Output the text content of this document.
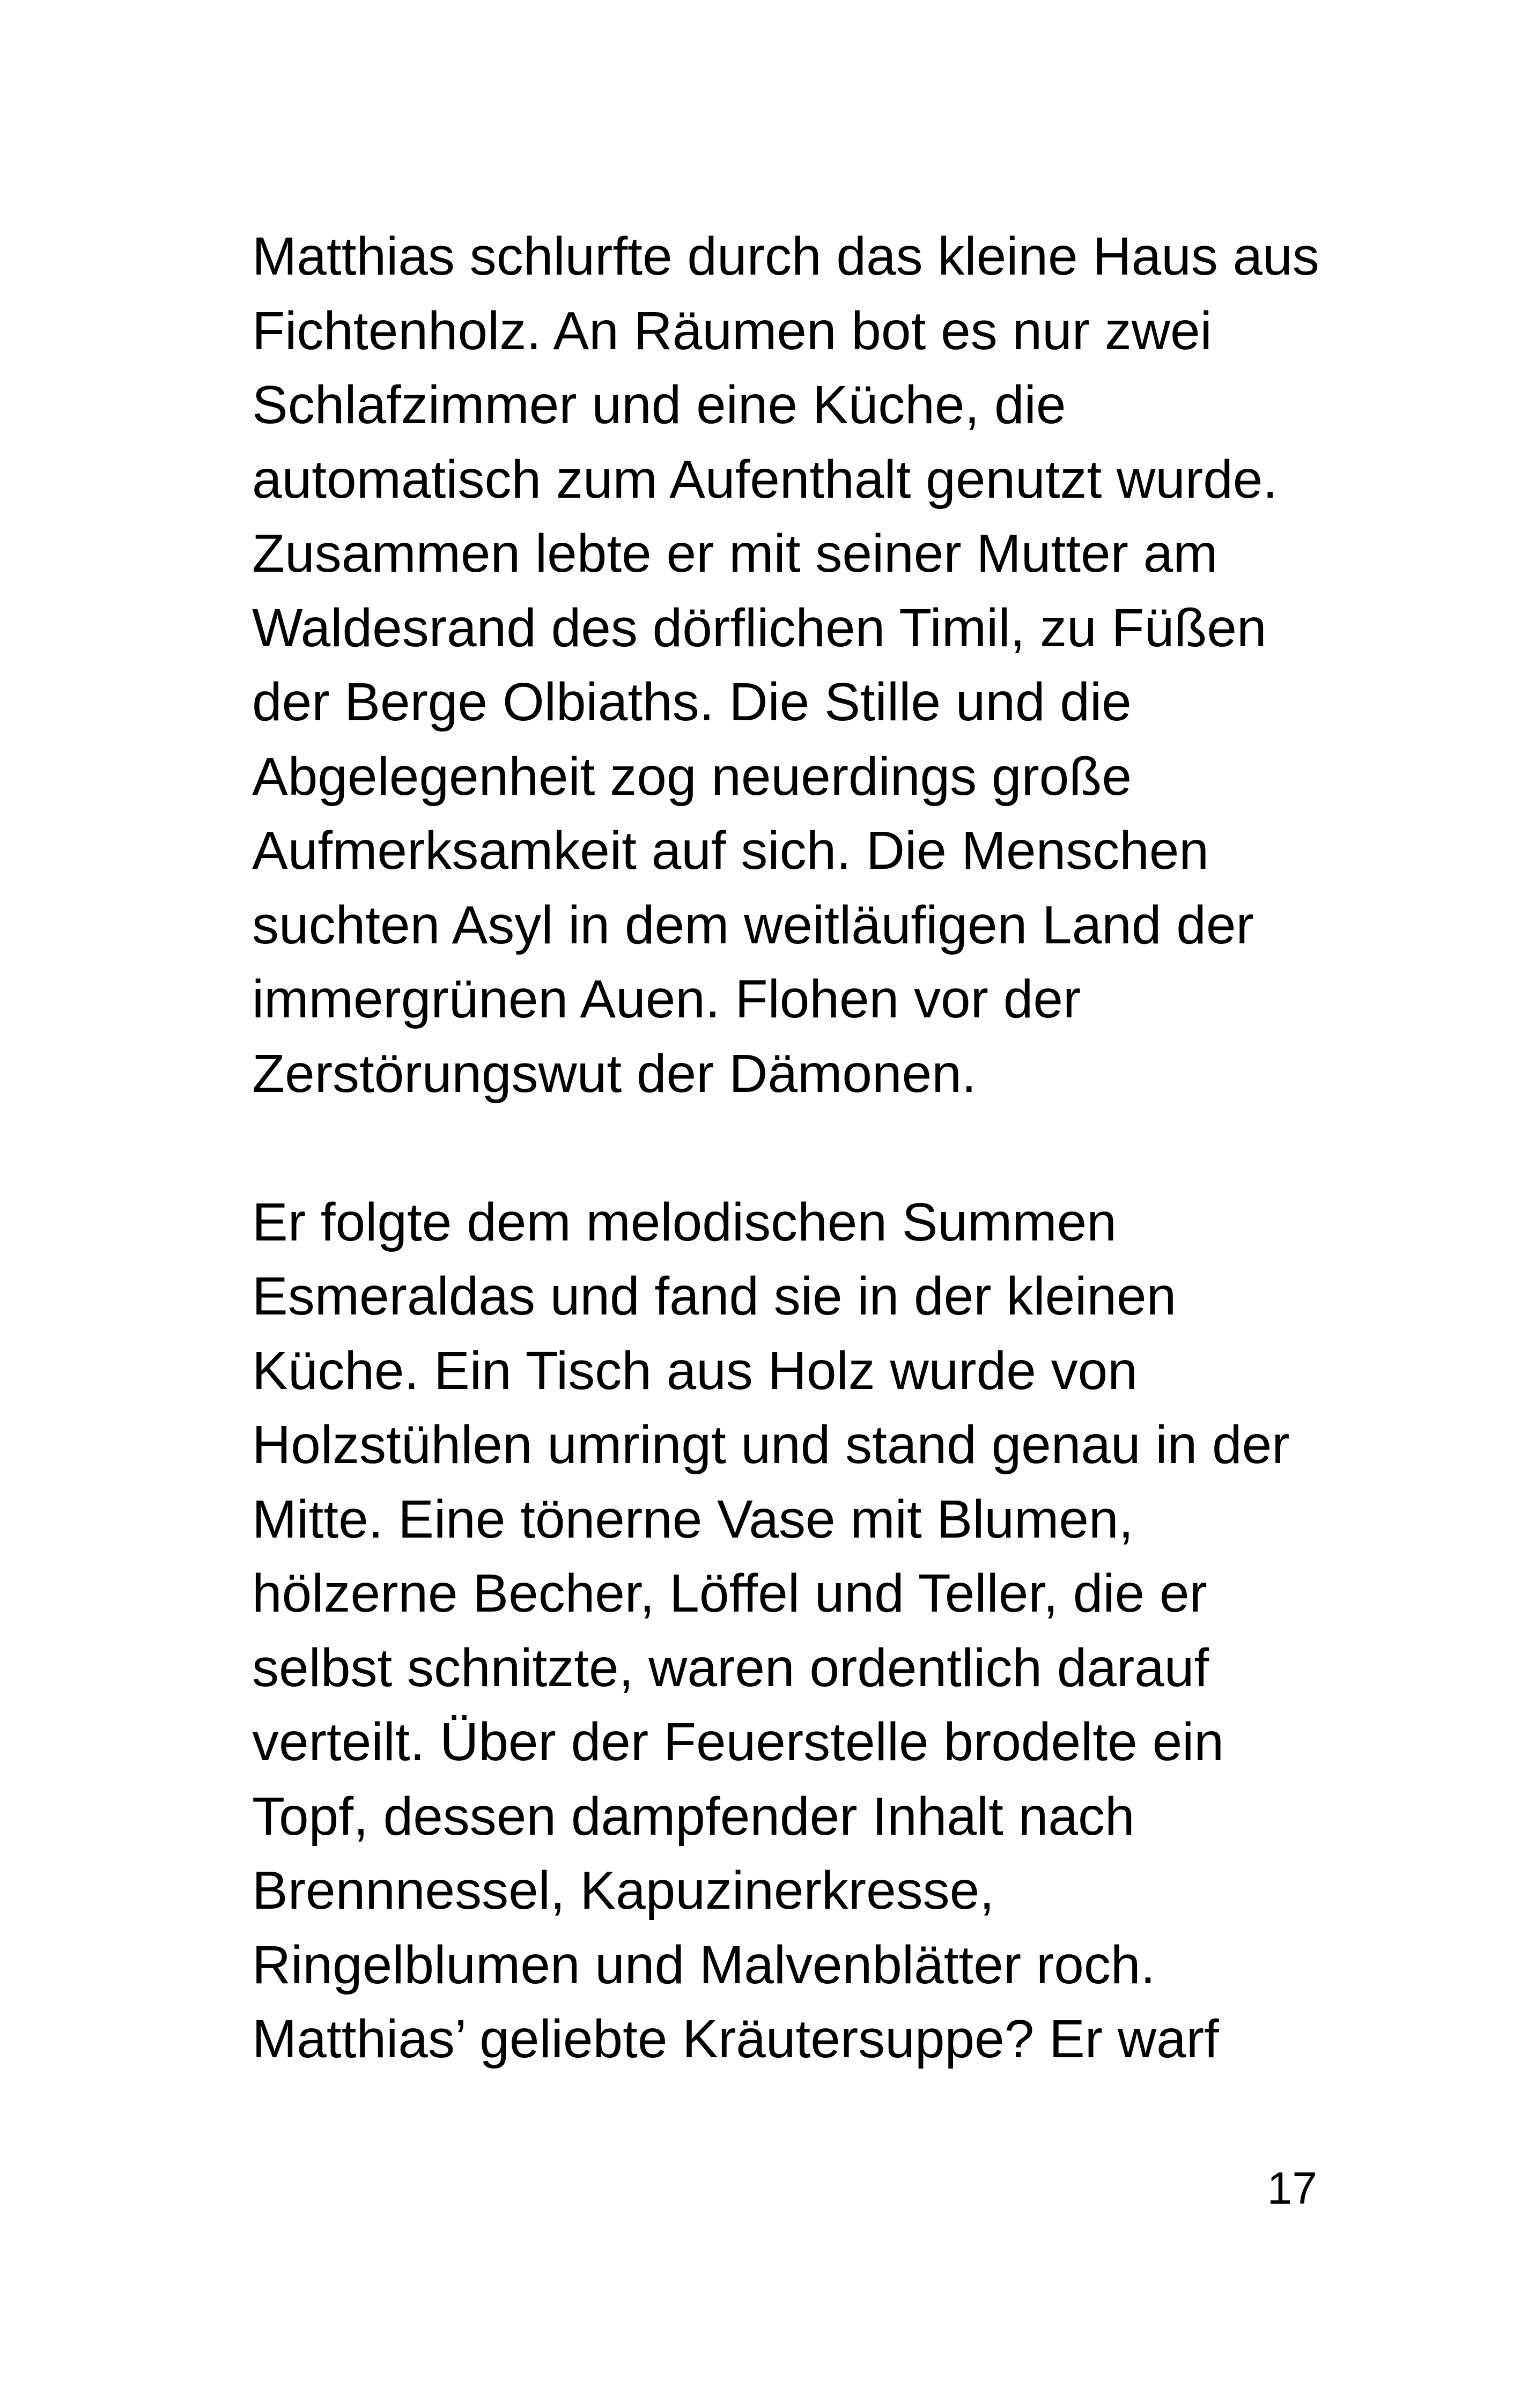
Matthias schlurfte durch das kleine Haus aus
Fichtenholz. An Räumen bot es nur zwei
Schlafzimmer und eine Küche, die
automatisch zum Aufenthalt genutzt wurde.
Zusammen lebte er mit seiner Mutter am
Waldesrand des dörflichen Timil, zu Füßen
der Berge Olbiaths. Die Stille und die
Abgelegenheit zog neuerdings große
Aufmerksamkeit auf sich. Die Menschen
suchten Asyl in dem weitläufigen Land der
immergrünen Auen. Flohen vor der
Zerstörungswut der Dämonen.

Er folgte dem melodischen Summen
Esmeraldas und fand sie in der kleinen
Küche. Ein Tisch aus Holz wurde von
Holzstühlen umringt und stand genau in der
Mitte. Eine tönerne Vase mit Blumen,
hölzerne Becher, Löffel und Teller, die er
selbst schnitzte, waren ordentlich darauf
verteilt. Über der Feuerstelle brodelte ein
Topf, dessen dampfender Inhalt nach
Brennnessel, Kapuzinerkresse,
Ringelblumen und Malvenblätter roch.
Matthias’ geliebte Kräutersuppe? Er warf

17
